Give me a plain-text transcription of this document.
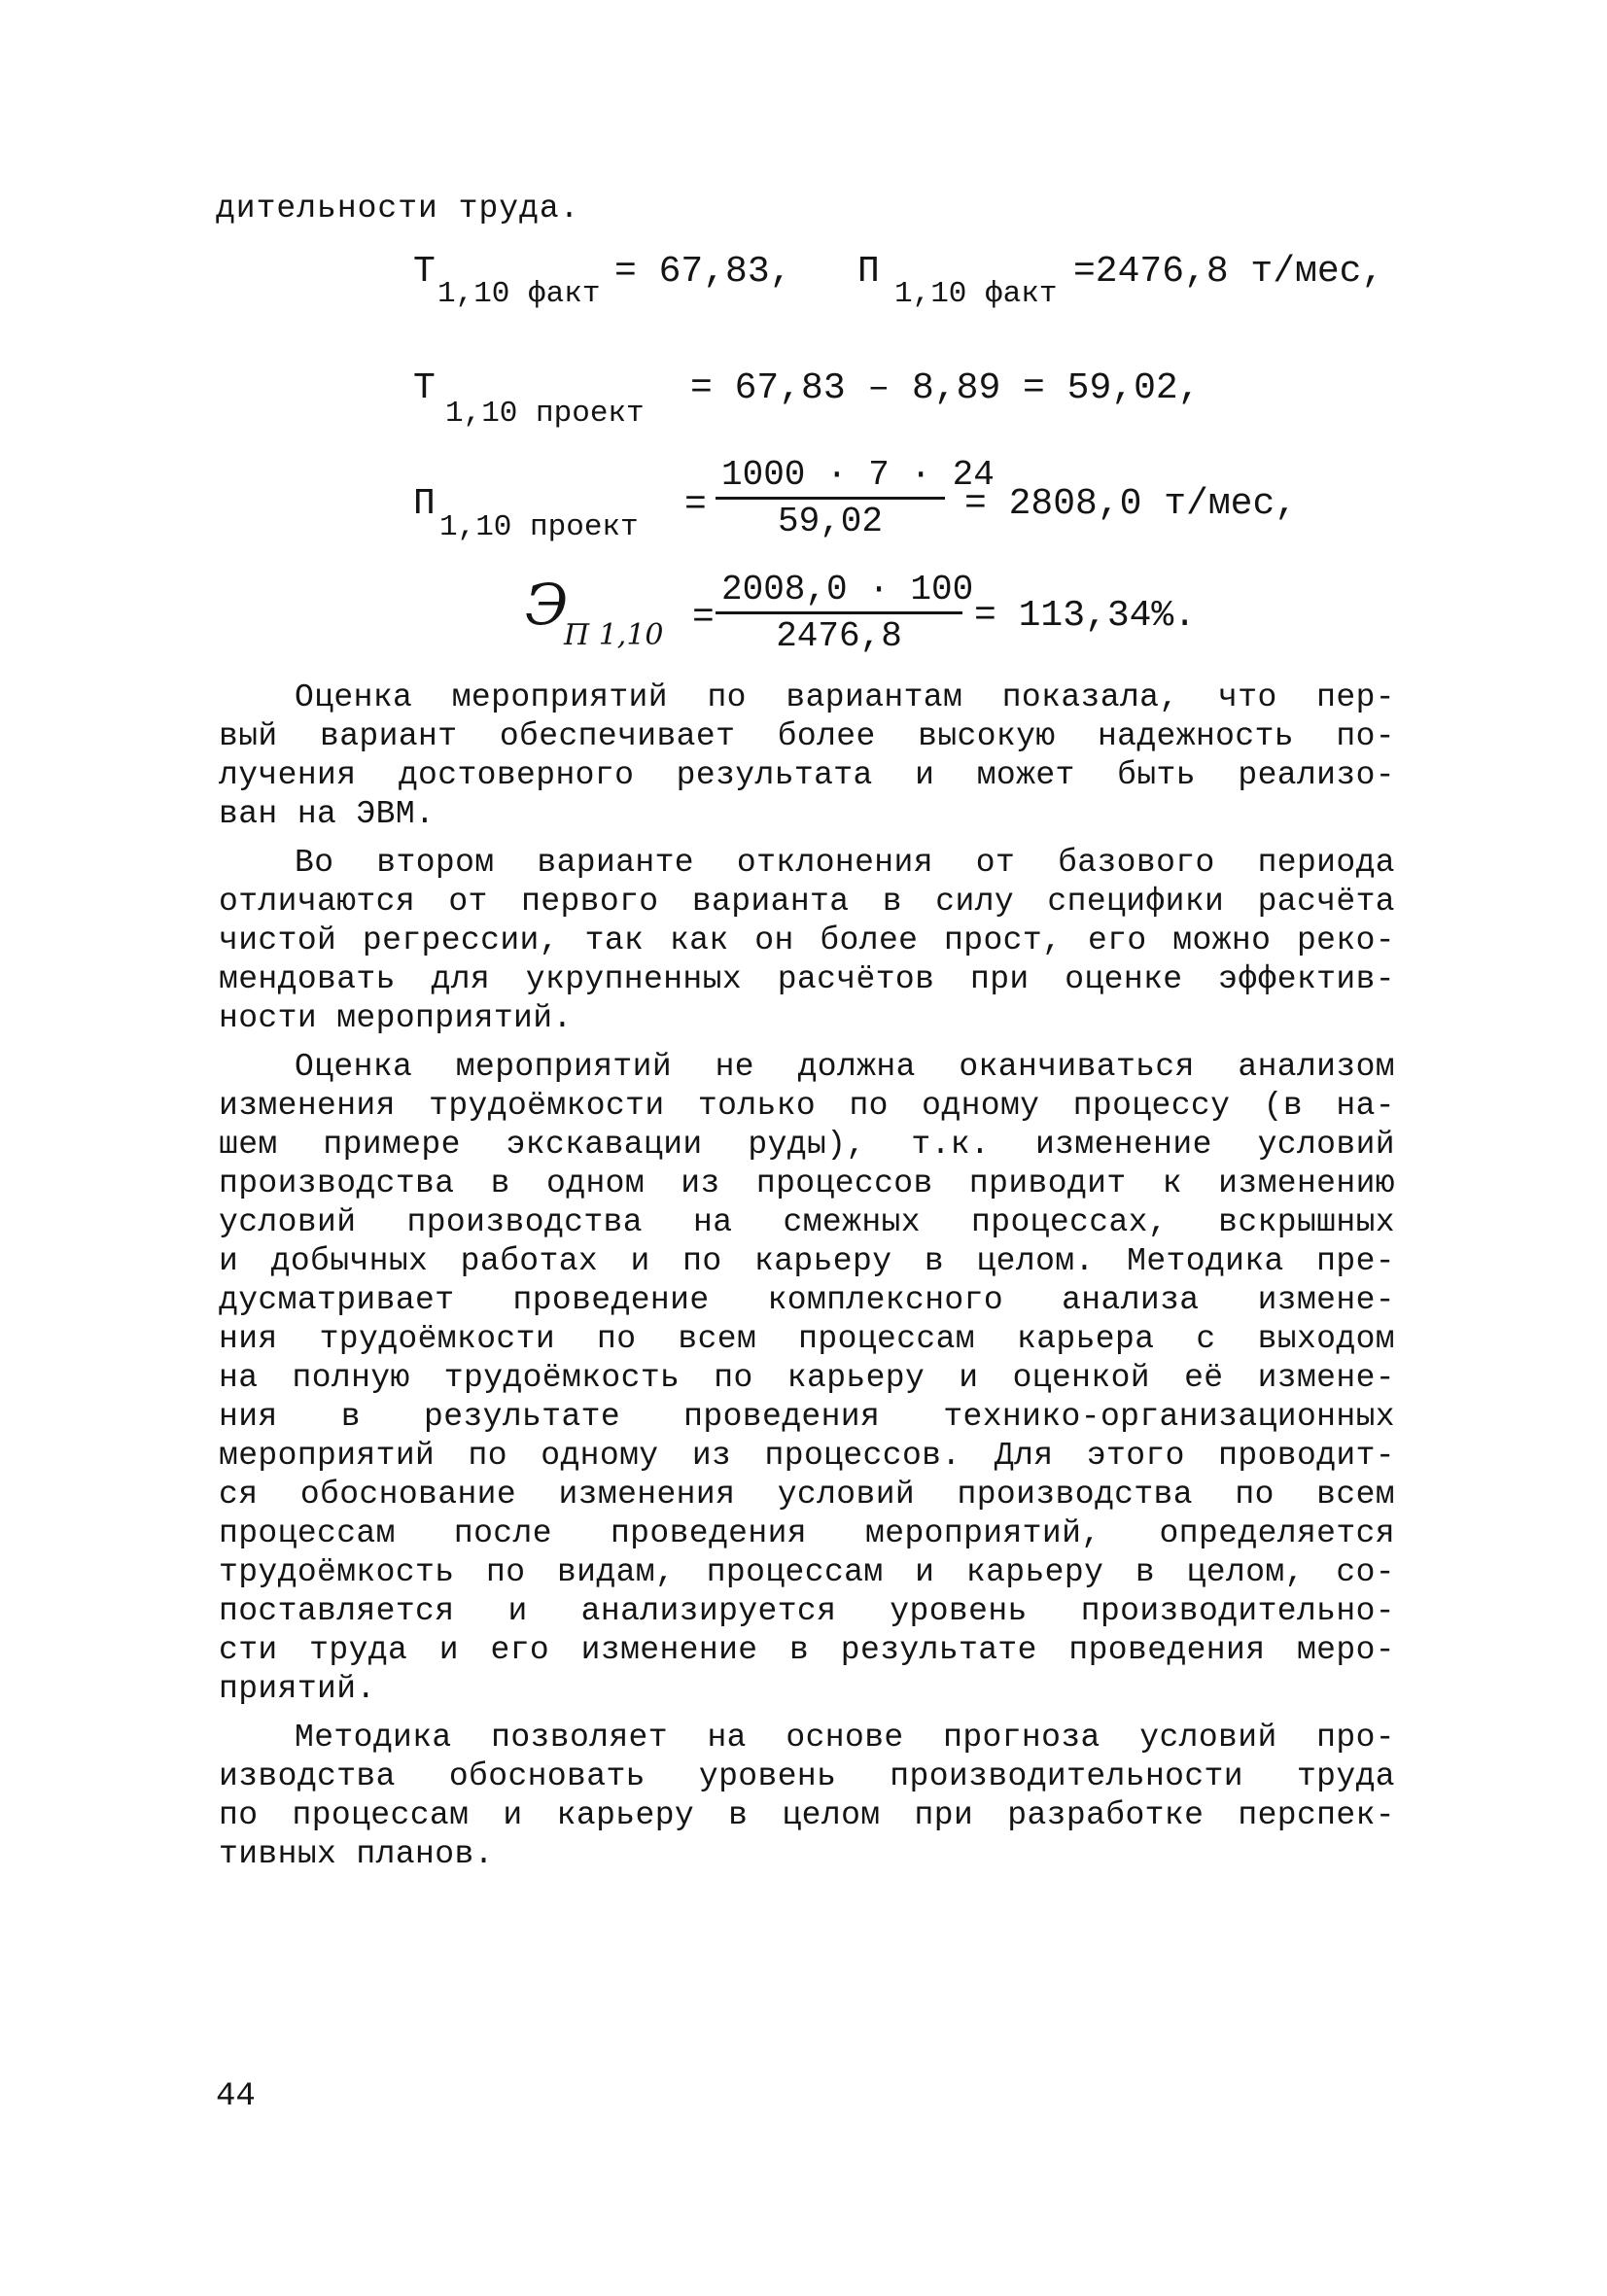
дительности труда.
Т
1,10 факт
= 67,83, П
1,10 факт
=2476,8 т/мес,
Т
1,10 проект
= 67,83 – 8,89 = 59,02,
П
1,10 проект
= $\frac{1000 \cdot 7 \cdot 24}{59,02} = 2808,0$ т/мес,
Э
П $1,10 = \frac{2008,0 \cdot 100}{2476,8} = 113,34\%$.
Оценка мероприятий по вариантам показала, что пер-
вый вариант обеспечивает более высокую надежность по-
лучения достоверного результата и может быть реализо-
ван на ЭВМ.
Во втором варианте отклонения от базового периода
отличаются от первого варианта в силу специфики расчёта
чистой регрессии, так как он более прост, его можно реко-
мендовать для укрупненных расчётов при оценке эффектив-
ности мероприятий.
Оценка мероприятий не должна оканчиваться анализом
изменения трудоёмкости только по одному процессу (в на-
шем примере экскавации руды), т.к. изменение условий
производства в одном из процессов приводит к изменению
условий производства на смежных процессах, вскрышных
и добычных работах и по карьеру в целом. Методика пре-
дусматривает проведение комплексного анализа измене-
ния трудоёмкости по всем процессам карьера с выходом
на полную трудоёмкость по карьеру и оценкой её измене-
ния в результате проведения технико-организационных
мероприятий по одному из процессов. Для этого проводит-
ся обоснование изменения условий производства по всем
процессам после проведения мероприятий, определяется
трудоёмкость по видам, процессам и карьеру в целом, со-
поставляется и анализируется уровень производительно-
сти труда и его изменение в результате проведения меро-
приятий.
Методика позволяет на основе прогноза условий про-
изводства обосновать уровень производительности труда
по процессам и карьеру в целом при разработке перспек-
тивных планов.
44
